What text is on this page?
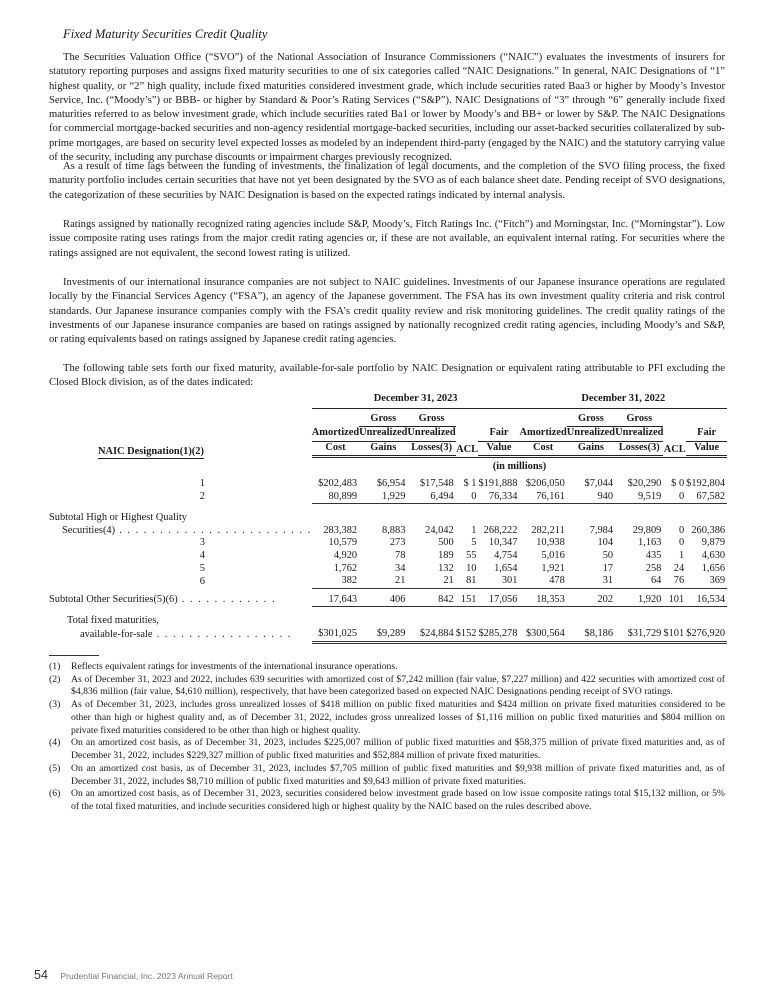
Fixed Maturity Securities Credit Quality

The Securities Valuation Office (“SVO”) of the National Association of Insurance Commissioners (“NAIC”) evaluates the investments of insurers for statutory reporting purposes and assigns fixed maturity securities to one of six categories called “NAIC Designations.” In general, NAIC Designations of “1” highest quality, or “2” high quality, include fixed maturities considered investment grade, which include securities rated Baa3 or higher by Moody’s Investor Service, Inc. (“Moody’s”) or BBB- or higher by Standard & Poor’s Rating Services (“S&P”). NAIC Designations of “3” through “6” generally include fixed maturities referred to as below investment grade, which include securities rated Ba1 or lower by Moody’s and BB+ or lower by S&P. The NAIC Designations for commercial mortgage-backed securities and non-agency residential mortgage-backed securities, including our asset-backed securities collateralized by sub-prime mortgages, are based on security level expected losses as modeled by an independent third-party (engaged by the NAIC) and the statutory carrying value of the security, including any purchase discounts or impairment charges previously recognized.

As a result of time lags between the funding of investments, the finalization of legal documents, and the completion of the SVO filing process, the fixed maturity portfolio includes certain securities that have not yet been designated by the SVO as of each balance sheet date. Pending receipt of SVO designations, the categorization of these securities by NAIC Designation is based on the expected ratings indicated by internal analysis.

Ratings assigned by nationally recognized rating agencies include S&P, Moody’s, Fitch Ratings Inc. (“Fitch”) and Morningstar, Inc. (“Morningstar”). Low issue composite rating uses ratings from the major credit rating agencies or, if these are not available, an equivalent internal rating. For securities where the ratings assigned are not equivalent, the second lowest rating is utilized.

Investments of our international insurance companies are not subject to NAIC guidelines. Investments of our Japanese insurance operations are regulated locally by the Financial Services Agency (“FSA”), an agency of the Japanese government. The FSA has its own investment quality criteria and risk control standards. Our Japanese insurance companies comply with the FSA’s credit quality review and risk monitoring guidelines. The credit quality ratings of the investments of our Japanese insurance companies are based on ratings assigned by nationally recognized credit rating agencies, including Moody’s and S&P, or rating equivalents based on ratings assigned by Japanese credit rating agencies.

The following table sets forth our fixed maturity, available-for-sale portfolio by NAIC Designation or equivalent rating attributable to PFI excluding the Closed Block division, as of the dates indicated:

	December 31, 2023					December 31, 2022				

NAIC Designation(1)(2)	Amortized
Cost		Gross
Unrealized
Gains		Gross
Unrealized
Losses(3)		ACL		Fair
Value		Amortized
Cost		Gross
Unrealized
Gains		Gross
Unrealized
Losses(3)		ACL		Fair
Value
	(in millions)									

1	$202,483		$6,954		$17,548		$ 1		$191,888		$206,050		$7,044		$20,290		$ 0		$192,804
2	80,899		1,929		6,494		0		76,334		76,161		940		9,519		0		67,582

Subtotal High or Highest Quality										
Securities(4) . . . . . . . . . . . . . . . . . . . . . . . .	283,382		8,883		24,042		1		268,222		282,211		7,984		29,809		0		260,386
3	10,579		273		500		5		10,347		10,938		104		1,163		0		9,879
4	4,920		78		189		55		4,754		5,016		50		435		1		4,630
5	1,762		34		132		10		1,654		1,921		17		258		24		1,656
6	382		21		21		81		301		478		31		64		76		369

Subtotal Other Securities(5)(6) . . . . . . . . . . . .	17,643		406		842		151		17,056		18,353		202		1,920		101		16,534

Total fixed maturities,										
available-for-sale . . . . . . . . . . . . . . . . .	$301,025		$9,289		$24,884		$152		$285,278		$300,564		$8,186		$31,729		$101		$276,920
(1)	Reflects equivalent ratings for investments of the international insurance operations.
(2)	As of December 31, 2023 and 2022, includes 639 securities with amortized cost of $7,242 million (fair value, $7,227 million) and 422 securities with amortized cost of $4,836 million (fair value, $4,610 million), respectively, that have been categorized based on expected NAIC Designations pending receipt of SVO ratings.
(3)	As of December 31, 2023, includes gross unrealized losses of $418 million on public fixed maturities and $424 million on private fixed maturities considered to be other than high or highest quality and, as of December 31, 2022, includes gross unrealized losses of $1,116 million on public fixed maturities and $804 million on private fixed maturities considered to be other than high or highest quality.
(4)	On an amortized cost basis, as of December 31, 2023, includes $225,007 million of public fixed maturities and $58,375 million of private fixed maturities and, as of December 31, 2022, includes $229,327 million of public fixed maturities and $52,884 million of private fixed maturities.
(5)	On an amortized cost basis, as of December 31, 2023, includes $7,705 million of public fixed maturities and $9,938 million of private fixed maturities and, as of December 31, 2022, includes $8,710 million of public fixed maturities and $9,643 million of private fixed maturities.
(6)	On an amortized cost basis, as of December 31, 2023, securities considered below investment grade based on low issue composite ratings total $15,132 million, or 5% of the total fixed maturities, and include securities considered high or highest quality by the NAIC based on the rules described above.
54 Prudential Financial, Inc. 2023 Annual Report
